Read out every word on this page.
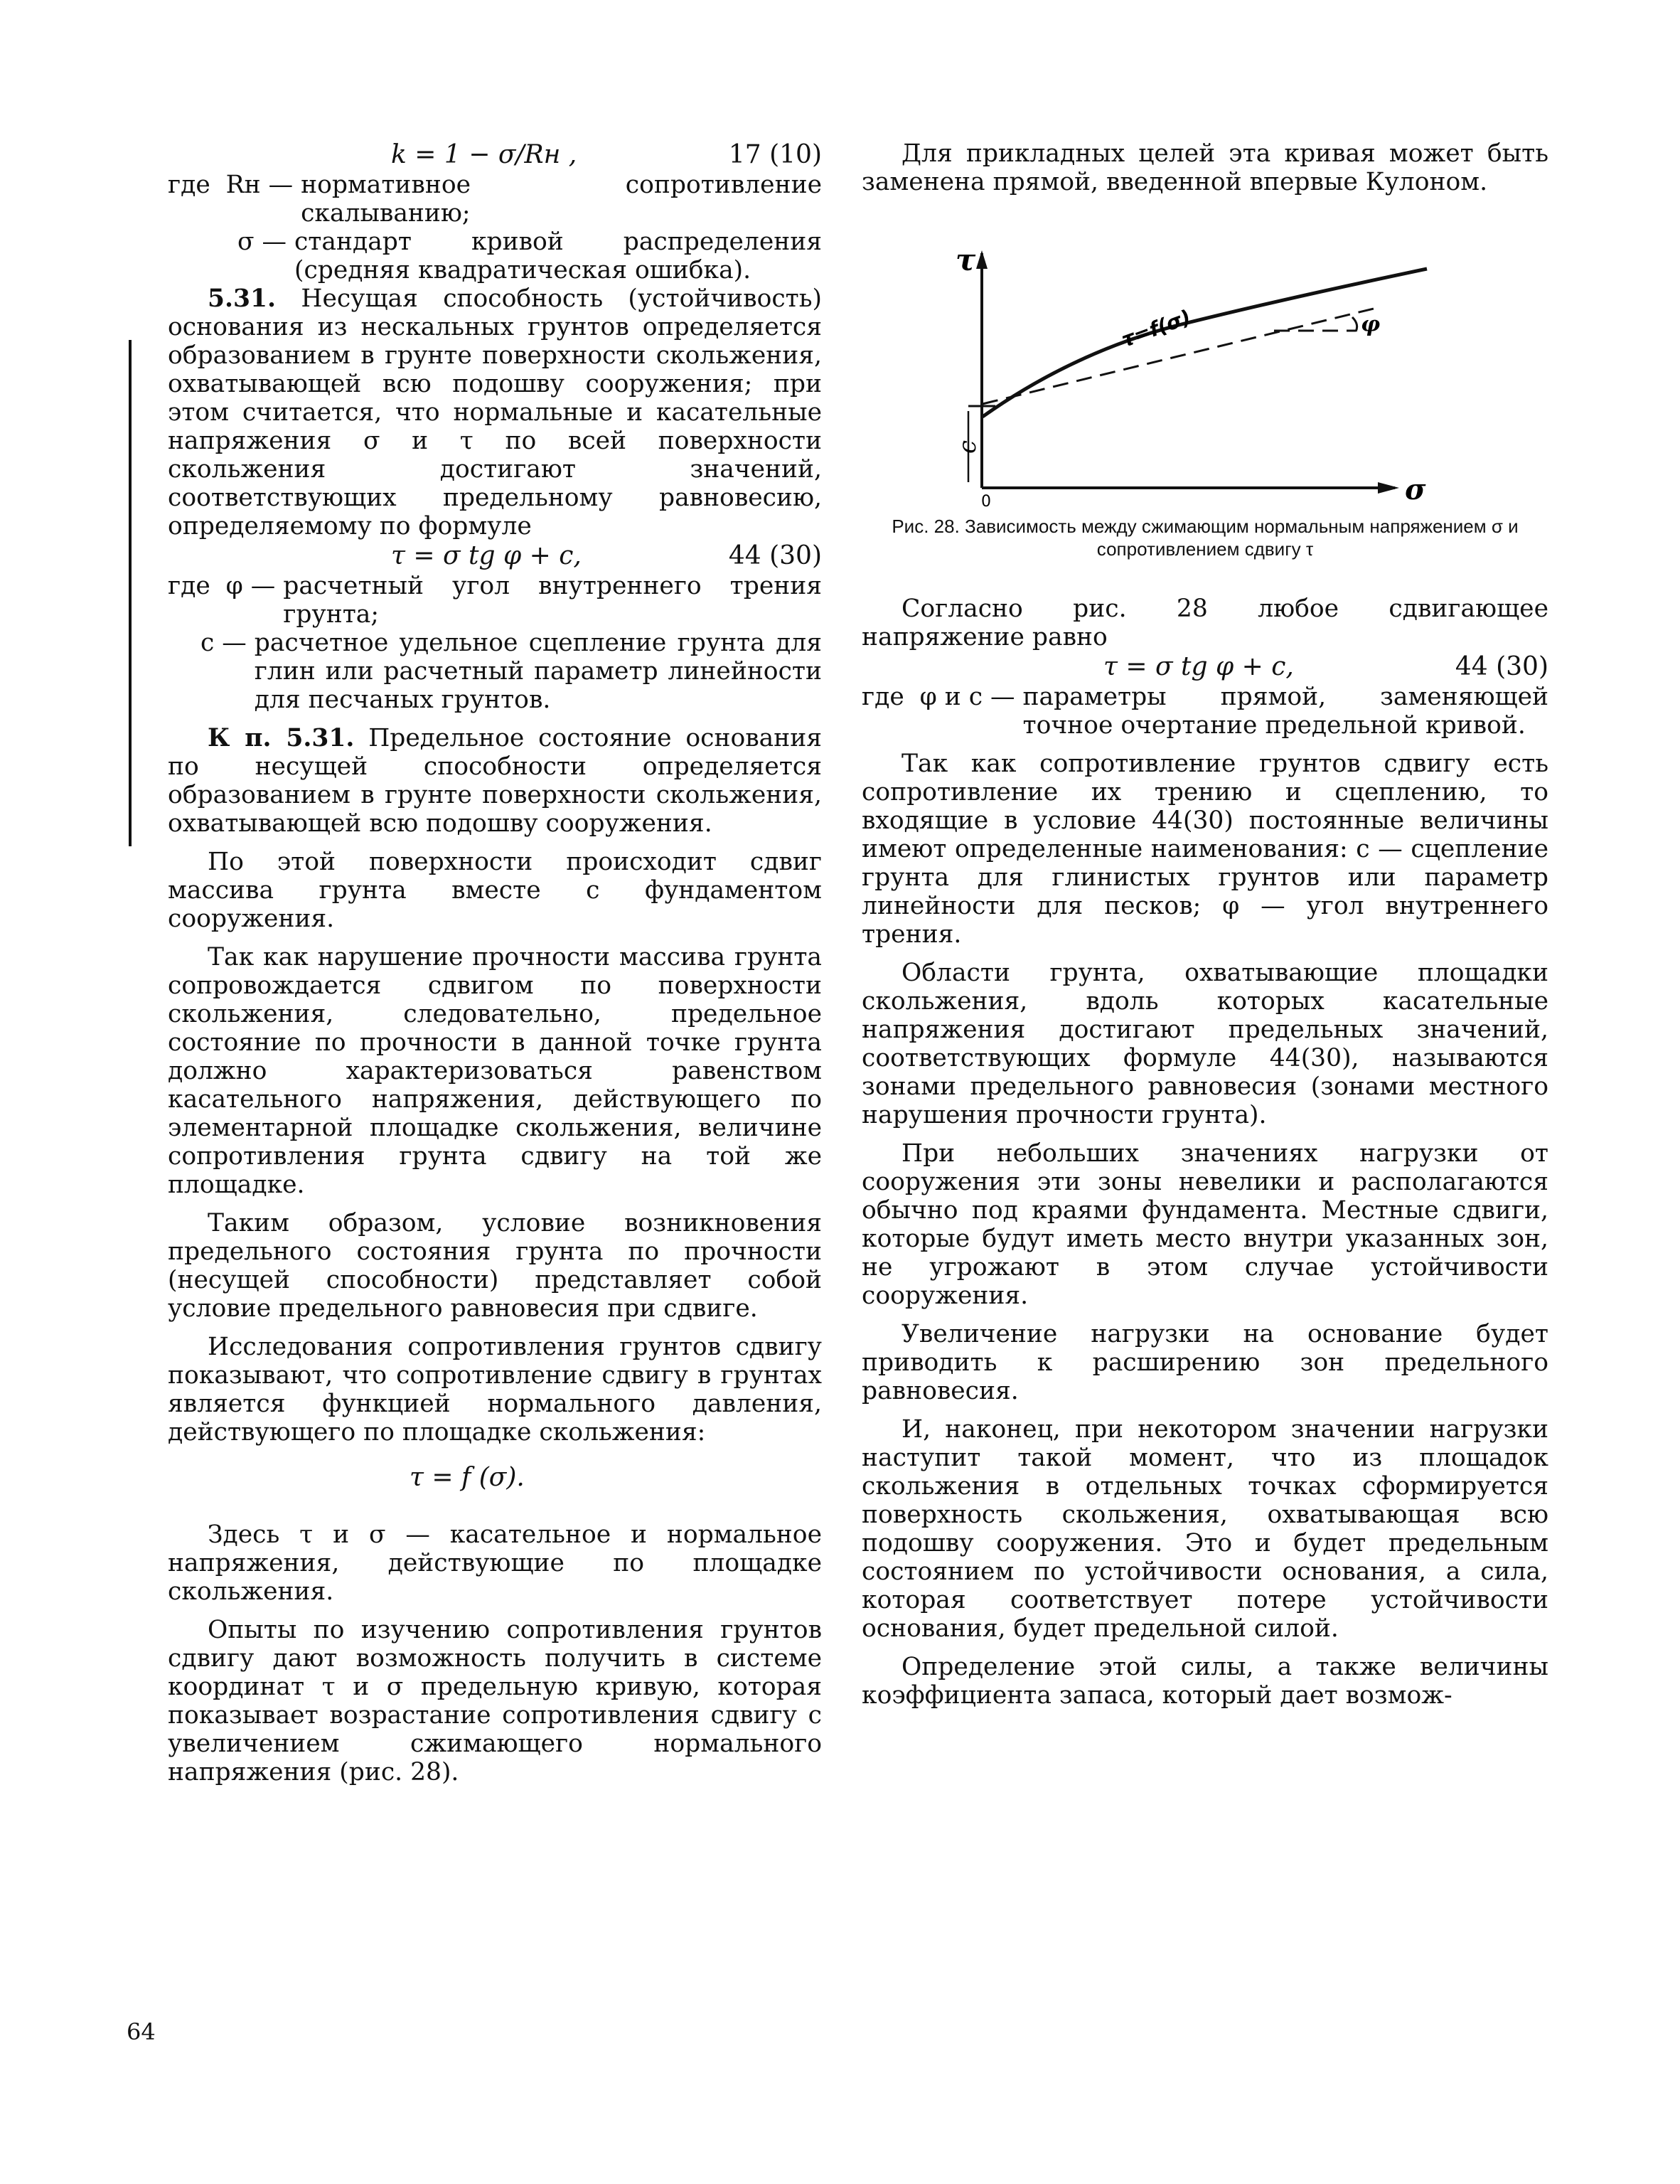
k = 1 − σ/Rн ,	17 (10)
где  Rн — нормативное сопротивление скалыванию;
σ — стандарт кривой распределения (средняя квадратическая ошибка).

5.31. Несущая способность (устойчивость) основания из нескальных грунтов определяется образованием в грунте поверхности скольжения, охватывающей всю подошву сооружения; при этом считается, что нормальные и касательные напряжения σ и τ по всей поверхности скольжения достигают значений, соответствующих предельному равновесию, определяемому по формуле

τ = σ tg φ + c,	44 (30)
где  φ — расчетный угол внутреннего трения грунта;
c — расчетное удельное сцепление грунта для глин или расчетный параметр линейности для песчаных грунтов.

К п. 5.31. Предельное состояние основания по несущей способности определяется образованием в грунте поверхности скольжения, охватывающей всю подошву сооружения.

По этой поверхности происходит сдвиг массива грунта вместе с фундаментом сооружения.

Так как нарушение прочности массива грунта сопровождается сдвигом по поверхности скольжения, следовательно, предельное состояние по прочности в данной точке грунта должно характеризоваться равенством касательного напряжения, действующего по элементарной площадке скольжения, величине сопротивления грунта сдвигу на той же площадке.

Таким образом, условие возникновения предельного состояния грунта по прочности (несущей способности) представляет собой условие предельного равновесия при сдвиге.

Исследования сопротивления грунтов сдвигу показывают, что сопротивление сдвигу в грунтах является функцией нормального давления, действующего по площадке скольжения:

τ = f (σ).

Здесь τ и σ — касательное и нормальное напряжения, действующие по площадке скольжения.

Опыты по изучению сопротивления грунтов сдвигу дают возможность получить в системе координат τ и σ предельную кривую, которая показывает возрастание сопротивления сдвигу с увеличением сжимающего нормального напряжения (рис. 28).

Для прикладных целей эта кривая может быть заменена прямой, введенной впервые Кулоном.

τ
σ
0
c
τ=f(σ)	φ

Рис. 28. Зависимость между сжимающим нормальным напряжением σ и сопротивлением сдвигу τ

Согласно рис. 28 любое сдвигающее напряжение равно

τ = σ tg φ + c,	44 (30)
где  φ и c — параметры прямой, заменяющей точное очертание предельной кривой.

Так как сопротивление грунтов сдвигу есть сопротивление их трению и сцеплению, то входящие в условие 44(30) постоянные величины имеют определенные наименования: c — сцепление грунта для глинистых грунтов или параметр линейности для песков; φ — угол внутреннего трения.

Области грунта, охватывающие площадки скольжения, вдоль которых касательные напряжения достигают предельных значений, соответствующих формуле 44(30), называются зонами предельного равновесия (зонами местного нарушения прочности грунта).

При небольших значениях нагрузки от сооружения эти зоны невелики и располагаются обычно под краями фундамента. Местные сдвиги, которые будут иметь место внутри указанных зон, не угрожают в этом случае устойчивости сооружения.

Увеличение нагрузки на основание будет приводить к расширению зон предельного равновесия.

И, наконец, при некотором значении нагрузки наступит такой момент, что из площадок скольжения в отдельных точках сформируется поверхность скольжения, охватывающая всю подошву сооружения. Это и будет предельным состоянием по устойчивости основания, а сила, которая соответствует потере устойчивости основания, будет предельной силой.

Определение этой силы, а также величины коэффициента запаса, который дает возмож-

64
